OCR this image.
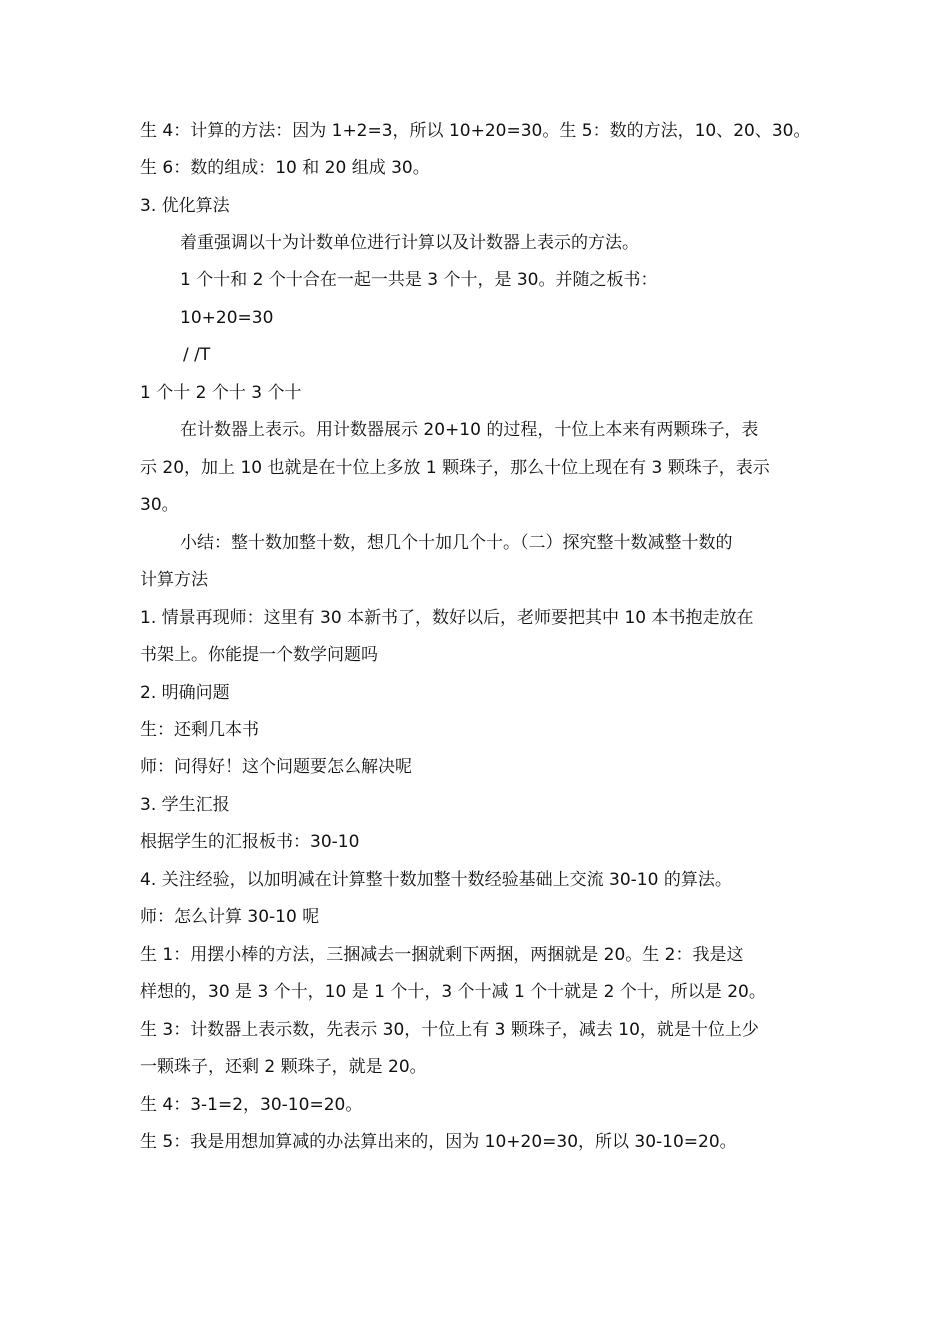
生 4：计算的方法：因为 1+2=3，所以 10+20=30。生 5：数的方法，10、20、30。
生 6：数的组成：10 和 20 组成 30。
3. 优化算法
着重强调以十为计数单位进行计算以及计数器上表示的方法。
1 个十和 2 个十合在一起一共是 3 个十，是 30。并随之板书：
10+20=30
/ /T
1 个十 2 个十 3 个十
在计数器上表示。用计数器展示 20+10 的过程，十位上本来有两颗珠子，表
示 20，加上 10 也就是在十位上多放 1 颗珠子，那么十位上现在有 3 颗珠子，表示
30。
小结：整十数加整十数，想几个十加几个十。（二）探究整十数减整十数的
计算方法
1. 情景再现师：这里有 30 本新书了，数好以后，老师要把其中 10 本书抱走放在
书架上。你能提一个数学问题吗
2. 明确问题
生：还剩几本书
师：问得好！这个问题要怎么解决呢
3. 学生汇报
根据学生的汇报板书：30-10
4. 关注经验，以加明减在计算整十数加整十数经验基础上交流 30-10 的算法。
师：怎么计算 30-10 呢
生 1：用摆小棒的方法，三捆减去一捆就剩下两捆，两捆就是 20。生 2：我是这
样想的，30 是 3 个十，10 是 1 个十，3 个十减 1 个十就是 2 个十，所以是 20。
生 3：计数器上表示数，先表示 30，十位上有 3 颗珠子，减去 10，就是十位上少
一颗珠子，还剩 2 颗珠子，就是 20。
生 4：3-1=2，30-10=20。
生 5：我是用想加算减的办法算出来的，因为 10+20=30，所以 30-10=20。
